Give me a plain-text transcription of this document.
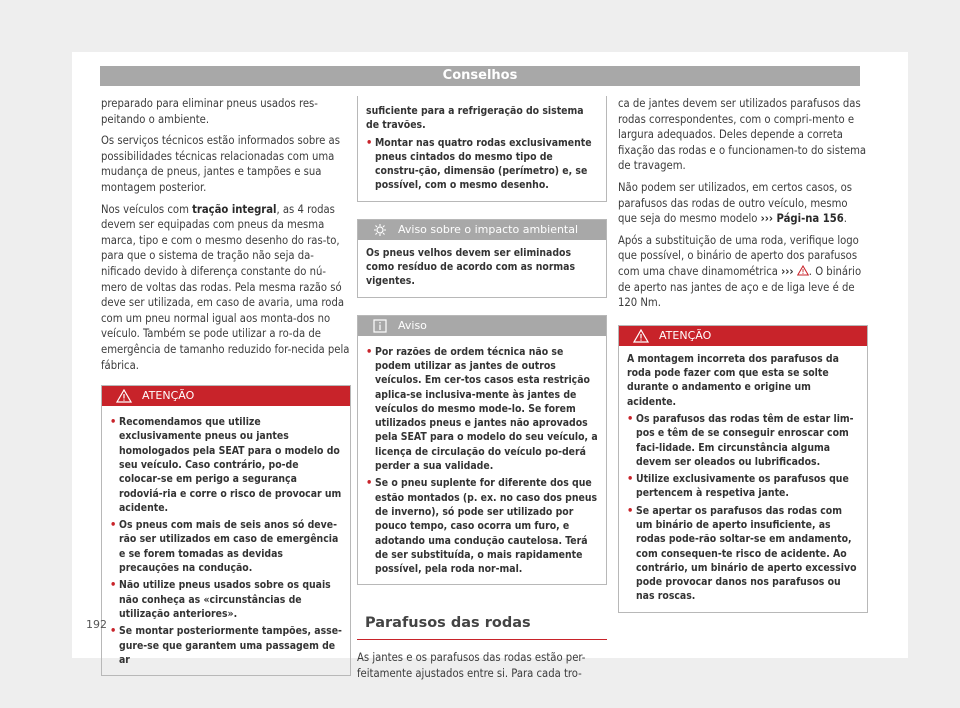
Conselhos

preparado para eliminar pneus usados res-peitando o ambiente.

Os serviços técnicos estão informados sobre as possibilidades técnicas relacionadas com uma mudança de pneus, jantes e tampões e sua montagem posterior.

Nos veículos com tração integral, as 4 rodas devem ser equipadas com pneus da mesma marca, tipo e com o mesmo desenho do ras-to, para que o sistema de tração não seja da-nificado devido à diferença constante do nú-mero de voltas das rodas. Pela mesma razão só deve ser utilizada, em caso de avaria, uma roda com um pneu normal igual aos monta-dos no veículo. Também se pode utilizar a ro-da de emergência de tamanho reduzido for-necida pela fábrica.

ATENÇÃO
• Recomendamos que utilize exclusivamente pneus ou jantes homologados pela SEAT para o modelo do seu veículo. Caso contrário, po-de colocar-se em perigo a segurança rodoviá-ria e corre o risco de provocar um acidente.
• Os pneus com mais de seis anos só deve-rão ser utilizados em caso de emergência e se forem tomadas as devidas precauções na condução.
• Não utilize pneus usados sobre os quais não conheça as «circunstâncias de utilização anteriores».
• Se montar posteriormente tampões, asse-gure-se que garantem uma passagem de ar

suficiente para a refrigeração do sistema de travões.

• Montar nas quatro rodas exclusivamente pneus cintados do mesmo tipo de constru-ção, dimensão (perímetro) e, se possível, com o mesmo desenho.
Aviso sobre o impacto ambiental
Os pneus velhos devem ser eliminados como resíduo de acordo com as normas vigentes.
Aviso
• Por razões de ordem técnica não se podem utilizar as jantes de outros veículos. Em cer-tos casos esta restrição aplica-se inclusiva-mente às jantes de veículos do mesmo mode-lo. Se forem utilizados pneus e jantes não aprovados pela SEAT para o modelo do seu veículo, a licença de circulação do veículo po-derá perder a sua validade.
• Se o pneu suplente for diferente dos que estão montados (p. ex. no caso dos pneus de inverno), só pode ser utilizado por pouco tempo, caso ocorra um furo, e adotando uma condução cautelosa. Terá de ser substituída, o mais rapidamente possível, pela roda nor-mal.
Parafusos das rodas

As jantes e os parafusos das rodas estão per-feitamente ajustados entre si. Para cada tro-

ca de jantes devem ser utilizados parafusos das rodas correspondentes, com o compri-mento e largura adequados. Deles depende a correta fixação das rodas e o funcionamen-to do sistema de travagem.

Não podem ser utilizados, em certos casos, os parafusos das rodas de outro veículo, mesmo que seja do mesmo modelo ››› Pági-na 156.

Após a substituição de uma roda, verifique logo que possível, o binário de aperto dos parafusos com uma chave dinamométrica ››› . O binário de aperto nas jantes de aço e de liga leve é de 120 Nm.

ATENÇÃO

A montagem incorreta dos parafusos da roda pode fazer com que esta se solte durante o andamento e origine um acidente.

• Os parafusos das rodas têm de estar lim-pos e têm de se conseguir enroscar com faci-lidade. Em circunstância alguma devem ser oleados ou lubrificados.
• Utilize exclusivamente os parafusos que pertencem à respetiva jante.
• Se apertar os parafusos das rodas com um binário de aperto insuficiente, as rodas pode-rão soltar-se em andamento, com consequen-te risco de acidente. Ao contrário, um binário de aperto excessivo pode provocar danos nos parafusos ou nas roscas.
192
